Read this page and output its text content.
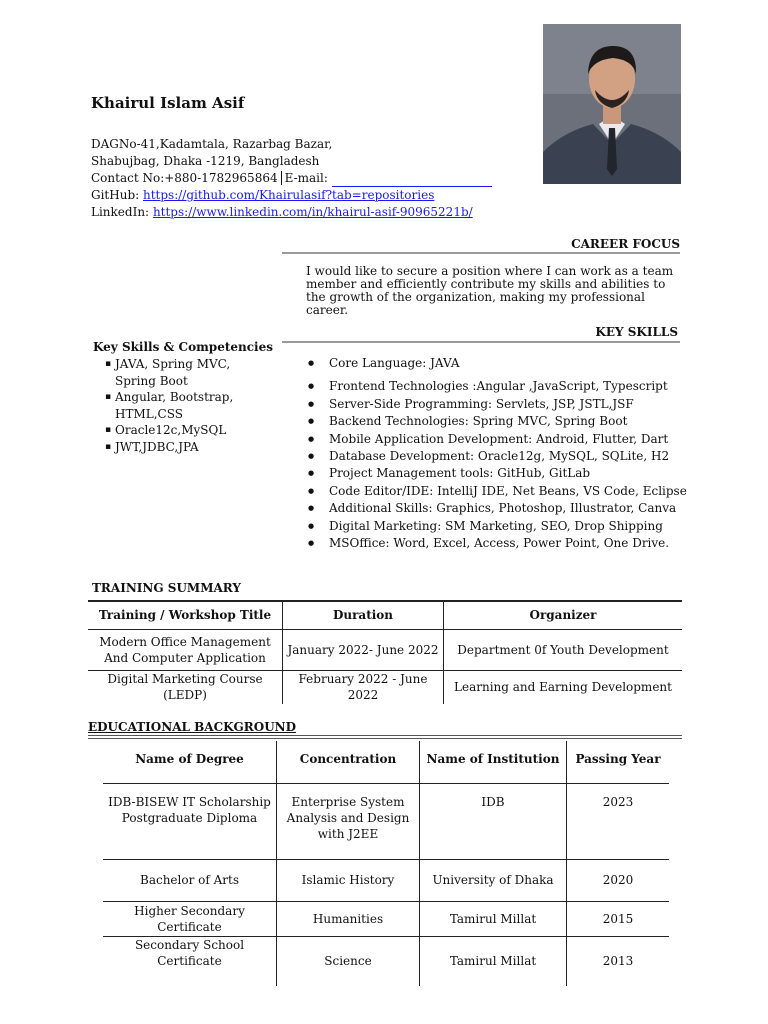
Khairul Islam Asif
DAGNo-41,Kadamtala, Razarbag Bazar,
Shabujbag, Dhaka -1219, Bangladesh
Contact No:+880-1782965864 E-mail:
GitHub: https://github.com/Khairulasif?tab=repositories
LinkedIn: https://www.linkedin.com/in/khairul-asif-90965221b/
CAREER FOCUS
I would like to secure a position where I can work as a team member and efficiently contribute my skills and abilities to the growth of the organization, making my professional career.
KEY SKILLS
Key Skills & Competencies
▪ JAVA, Spring MVC, Spring Boot
▪ Angular, Bootstrap, HTML,CSS
▪ Oracle12c,MySQL
▪ JWT,JDBC,JPA
● Core Language: JAVA
● Frontend Technologies :Angular ,JavaScript, Typescript
● Server-Side Programming: Servlets, JSP, JSTL,JSF
● Backend Technologies: Spring MVC, Spring Boot
● Mobile Application Development: Android, Flutter, Dart
● Database Development: Oracle12g, MySQL, SQLite, H2
● Project Management tools: GitHub, GitLab
● Code Editor/IDE: IntelliJ IDE, Net Beans, VS Code, Eclipse
● Additional Skills: Graphics, Photoshop, Illustrator, Canva
● Digital Marketing: SM Marketing, SEO, Drop Shipping
● MSOffice: Word, Excel, Access, Power Point, One Drive.
TRAINING SUMMARY
Training / Workshop Title	Duration	Organizer
Modern Office Management And Computer Application	January 2022- June 2022	Department 0f Youth Development
Digital Marketing Course (LEDP)	February 2022 - June 2022	Learning and Earning Development
EDUCATIONAL BACKGROUND
Name of Degree	Concentration	Name of Institution	Passing Year
IDB-BISEW IT Scholarship Postgraduate Diploma	Enterprise System Analysis and Design with J2EE	IDB	2023
Bachelor of Arts	Islamic History	University of Dhaka	2020
Higher Secondary Certificate	Humanities	Tamirul Millat	2015
Secondary School Certificate	Science	Tamirul Millat	2013
